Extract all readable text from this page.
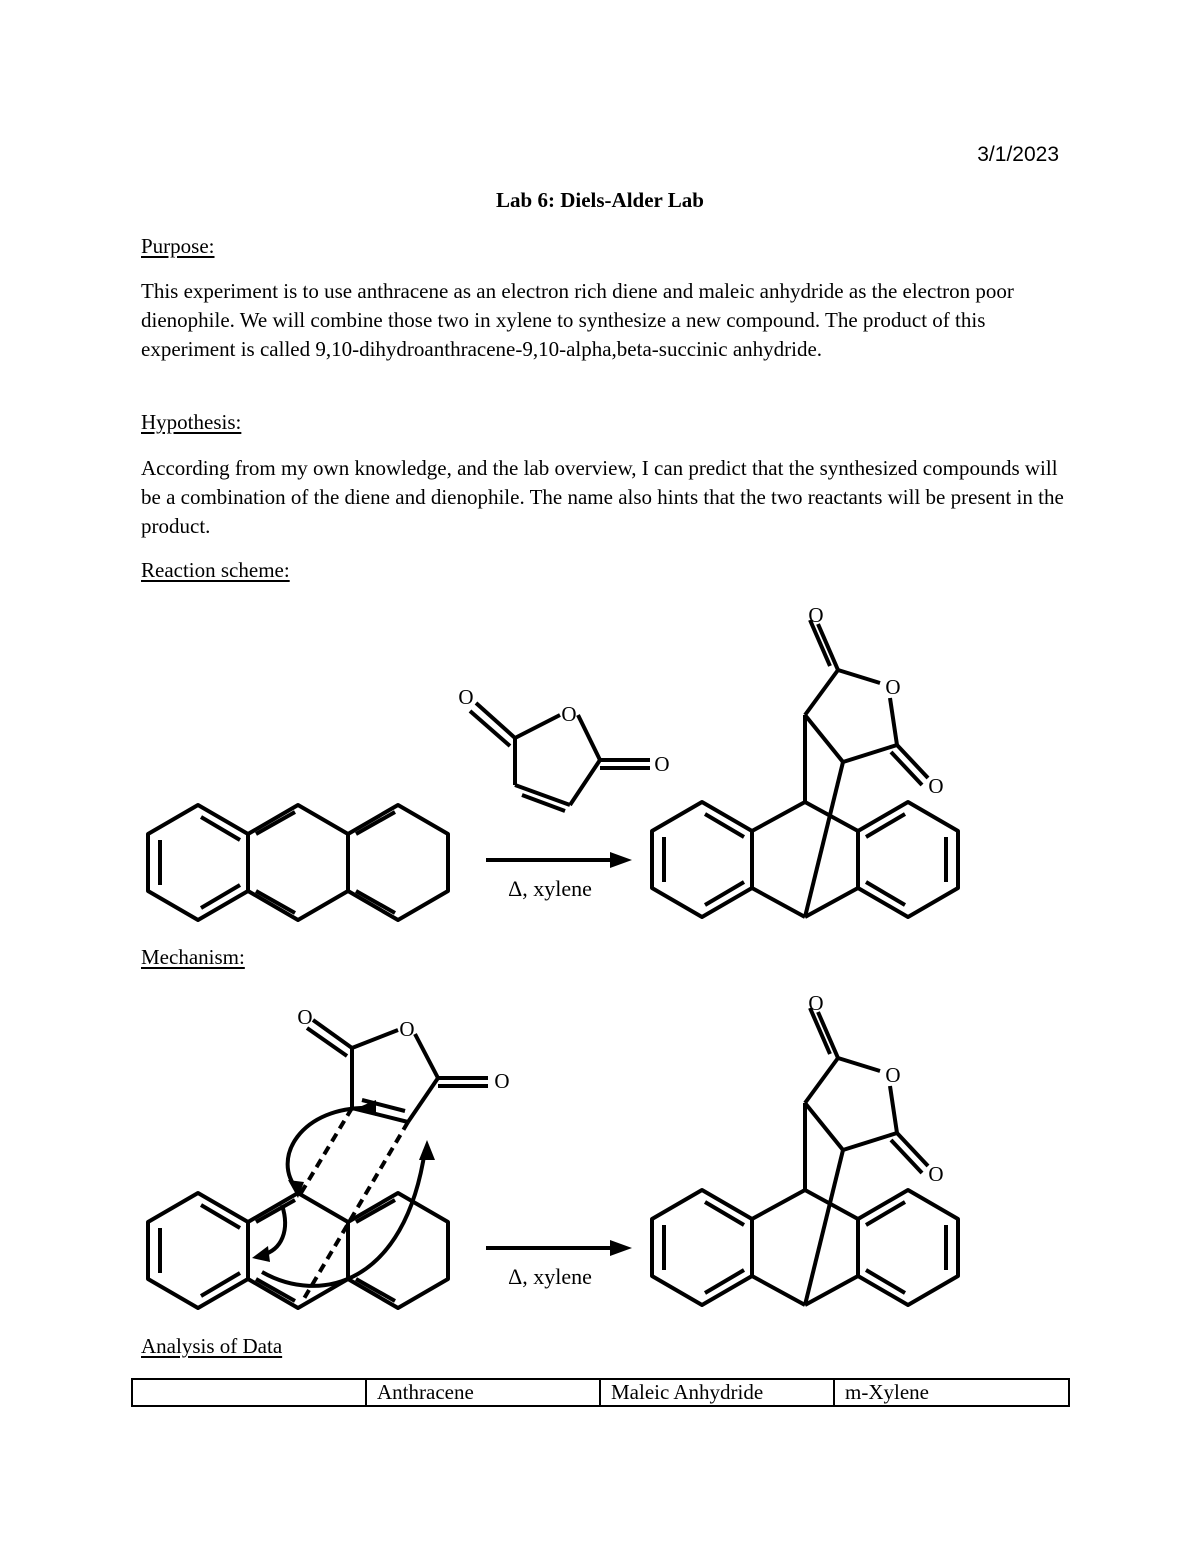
3/1/2023
Lab 6: Diels-Alder Lab
Purpose:

This experiment is to use anthracene as an electron rich diene and maleic anhydride as the electron poor dienophile. We will combine those two in xylene to synthesize a new compound. The product of this experiment is called 9,10-dihydroanthracene-9,10-alpha,beta-succinic anhydride.

Hypothesis:

According from my own knowledge, and the lab overview, I can predict that the synthesized compounds will be a combination of the diene and dienophile. The name also hints that the two reactants will be present in the product.

Reaction scheme:
O
O
O
Δ, xylene
O
O
O
Mechanism:
O	O
O
Δ, xylene
O
O
O
Analysis of Data
	Anthracene	Maleic Anhydride	m-Xylene
